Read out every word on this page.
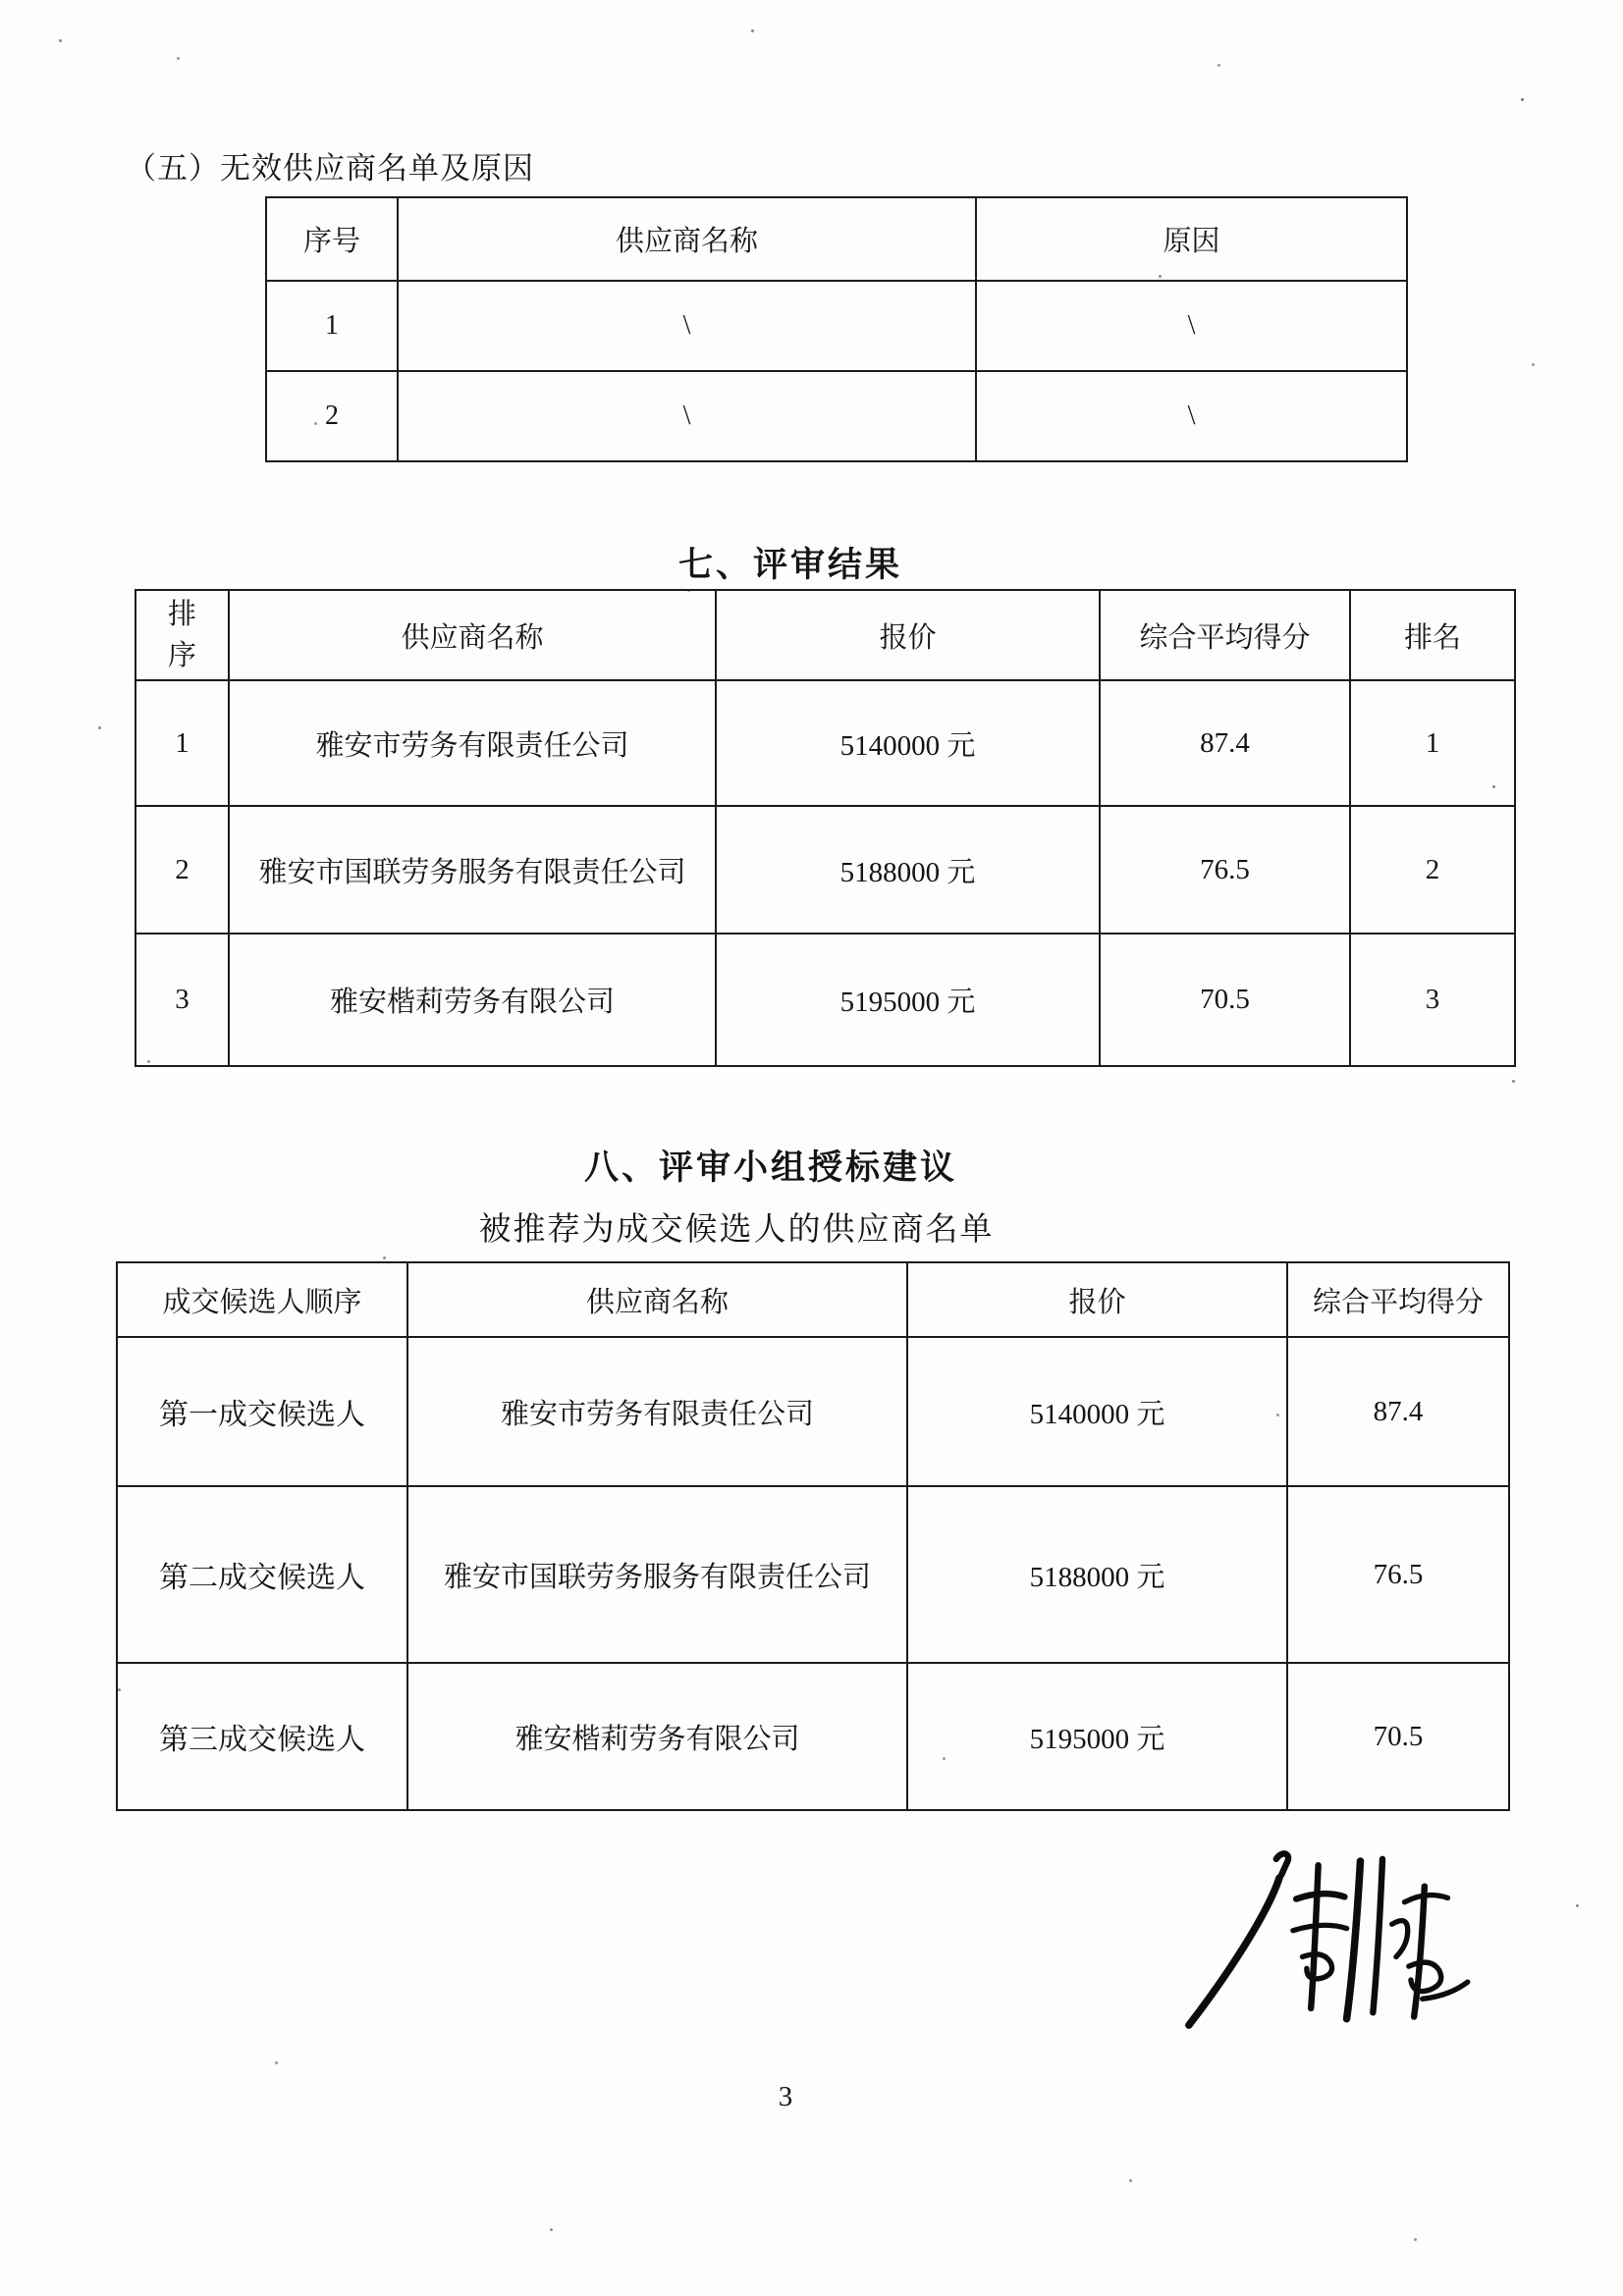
（五）无效供应商名单及原因
序号	供应商名称	原因
1	\	\
2	\	\
七、评审结果
排序	供应商名称	报价	综合平均得分	排名
1	雅安市劳务有限责任公司	5140000 元	87.4	1
2	雅安市国联劳务服务有限责任公司	5188000 元	76.5	2
3	雅安楷莉劳务有限公司	5195000 元	70.5	3
八、评审小组授标建议
被推荐为成交候选人的供应商名单
成交候选人顺序	供应商名称	报价	综合平均得分
第一成交候选人	雅安市劳务有限责任公司	5140000 元	87.4
第二成交候选人	雅安市国联劳务服务有限责任公司	5188000 元	76.5
第三成交候选人	雅安楷莉劳务有限公司	5195000 元	70.5
3
